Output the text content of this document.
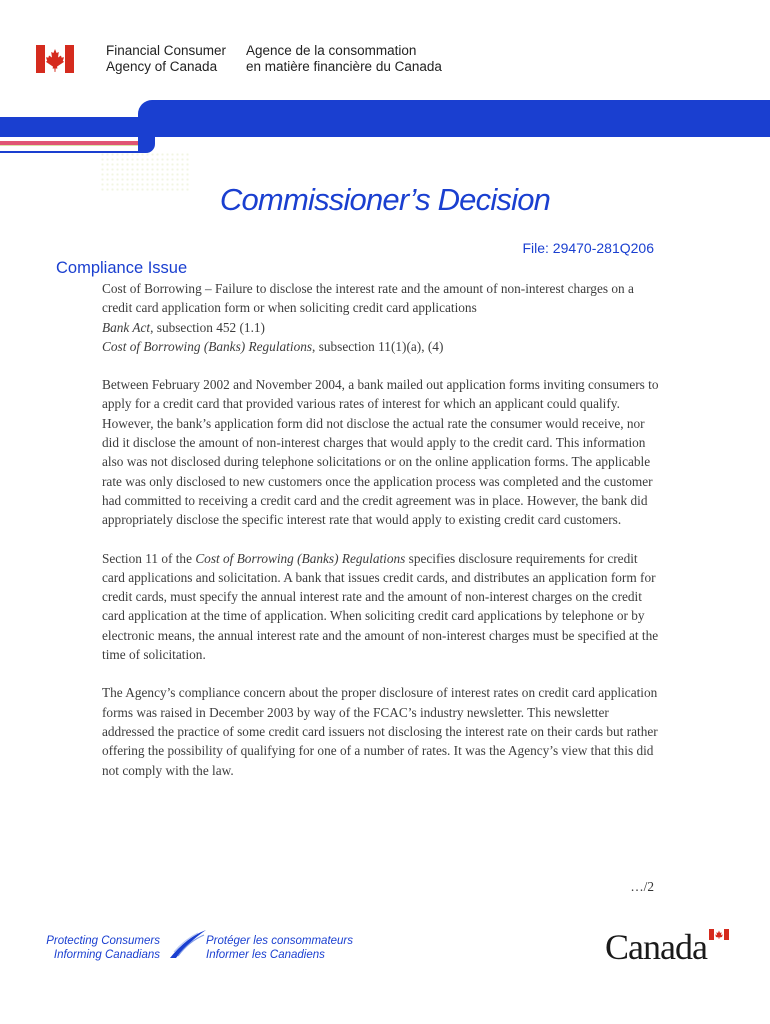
Financial Consumer
Agency of Canada
Agence de la consommation
en matière financière du Canada
Commissioner’s Decision
File: 29470-281Q206
Compliance Issue

Cost of Borrowing – Failure to disclose the interest rate and the amount of non-interest charges on a credit card application form or when soliciting credit card applications

Bank Act, subsection 452 (1.1)

Cost of Borrowing (Banks) Regulations, subsection 11(1)(a), (4)

Between February 2002 and November 2004, a bank mailed out application forms inviting consumers to apply for a credit card that provided various rates of interest for which an applicant could qualify. However, the bank’s application form did not disclose the actual rate the consumer would receive, nor did it disclose the amount of non-interest charges that would apply to the credit card. This information also was not disclosed during telephone solicitations or on the online application forms. The applicable rate was only disclosed to new customers once the application process was completed and the customer had committed to receiving a credit card and the credit agreement was in place. However, the bank did appropriately disclose the specific interest rate that would apply to existing credit card customers.

Section 11 of the Cost of Borrowing (Banks) Regulations specifies disclosure requirements for credit card applications and solicitation. A bank that issues credit cards, and distributes an application form for credit cards, must specify the annual interest rate and the amount of non-interest charges on the credit card application at the time of application. When soliciting credit card applications by telephone or by electronic means, the annual interest rate and the amount of non-interest charges must be specified at the time of solicitation.

The Agency’s compliance concern about the proper disclosure of interest rates on credit card application forms was raised in December 2003 by way of the FCAC’s industry newsletter. This newsletter addressed the practice of some credit card issuers not disclosing the interest rate on their cards but rather offering the possibility of qualifying for one of a number of rates. It was the Agency’s view that this did not comply with the law.

…/2
Protecting Consumers
Informing Canadians
Protéger les consommateurs
Informer les Canadiens	Canada
